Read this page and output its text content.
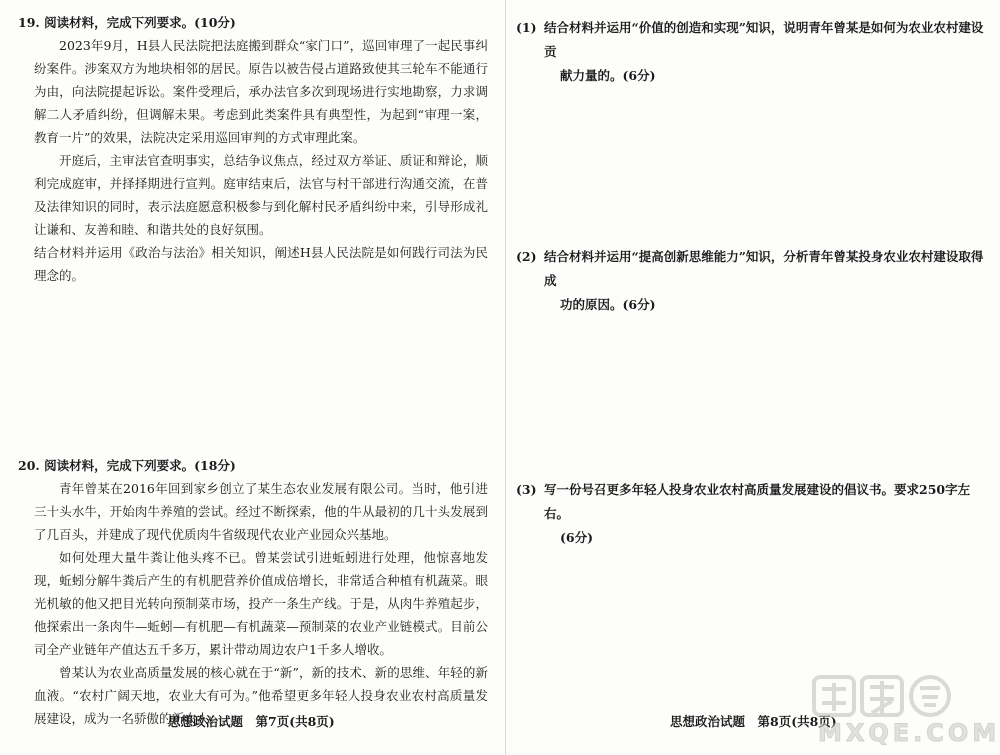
19. 阅读材料，完成下列要求。(10分)

2023年9月，H县人民法院把法庭搬到群众“家门口”，巡回审理了一起民事纠纷案件。涉案双方为地块相邻的居民。原告以被告侵占道路致使其三轮车不能通行为由，向法院提起诉讼。案件受理后，承办法官多次到现场进行实地勘察，力求调解二人矛盾纠纷，但调解未果。考虑到此类案件具有典型性，为起到“审理一案，教育一片”的效果，法院决定采用巡回审判的方式审理此案。

开庭后，主审法官查明事实，总结争议焦点，经过双方举证、质证和辩论，顺利完成庭审，并择择期进行宣判。庭审结束后，法官与村干部进行沟通交流，在普及法律知识的同时，表示法庭愿意积极参与到化解村民矛盾纠纷中来，引导形成礼让谦和、友善和睦、和谐共处的良好氛围。

结合材料并运用《政治与法治》相关知识，阐述H县人民法院是如何践行司法为民理念的。

20. 阅读材料，完成下列要求。(18分)

青年曾某在2016年回到家乡创立了某生态农业发展有限公司。当时，他引进三十头水牛，开始肉牛养殖的尝试。经过不断探索，他的牛从最初的几十头发展到了几百头，并建成了现代优质肉牛省级现代农业产业园众兴基地。

如何处理大量牛粪让他头疼不已。曾某尝试引进蚯蚓进行处理，他惊喜地发现，蚯蚓分解牛粪后产生的有机肥营养价值成倍增长，非常适合种植有机蔬菜。眼光机敏的他又把目光转向预制菜市场，投产一条生产线。于是，从肉牛养殖起步，他探索出一条肉牛—蚯蚓—有机肥—有机蔬菜—预制菜的农业产业链模式。目前公司全产业链年产值达五千多万，累计带动周边农户1千多人增收。

曾某认为农业高质量发展的核心就在于“新”，新的技术、新的思维、年轻的新血液。“农村广阔天地，农业大有可为。”他希望更多年轻人投身农业农村高质量发展建设，成为一名骄傲的新农人。

思想政治试题　第7页(共8页)
(1) 结合材料并运用“价值的创造和实现”知识，说明青年曾某是如何为农业农村建设贡
献力量的。(6分)
(2) 结合材料并运用“提高创新思维能力”知识，分析青年曾某投身农业农村建设取得成
功的原因。(6分)
(3) 写一份号召更多年轻人投身农业农村高质量发展建设的倡议书。要求250字左右。
(6分)
思想政治试题　第8页(共8页)
MXQE.COM
